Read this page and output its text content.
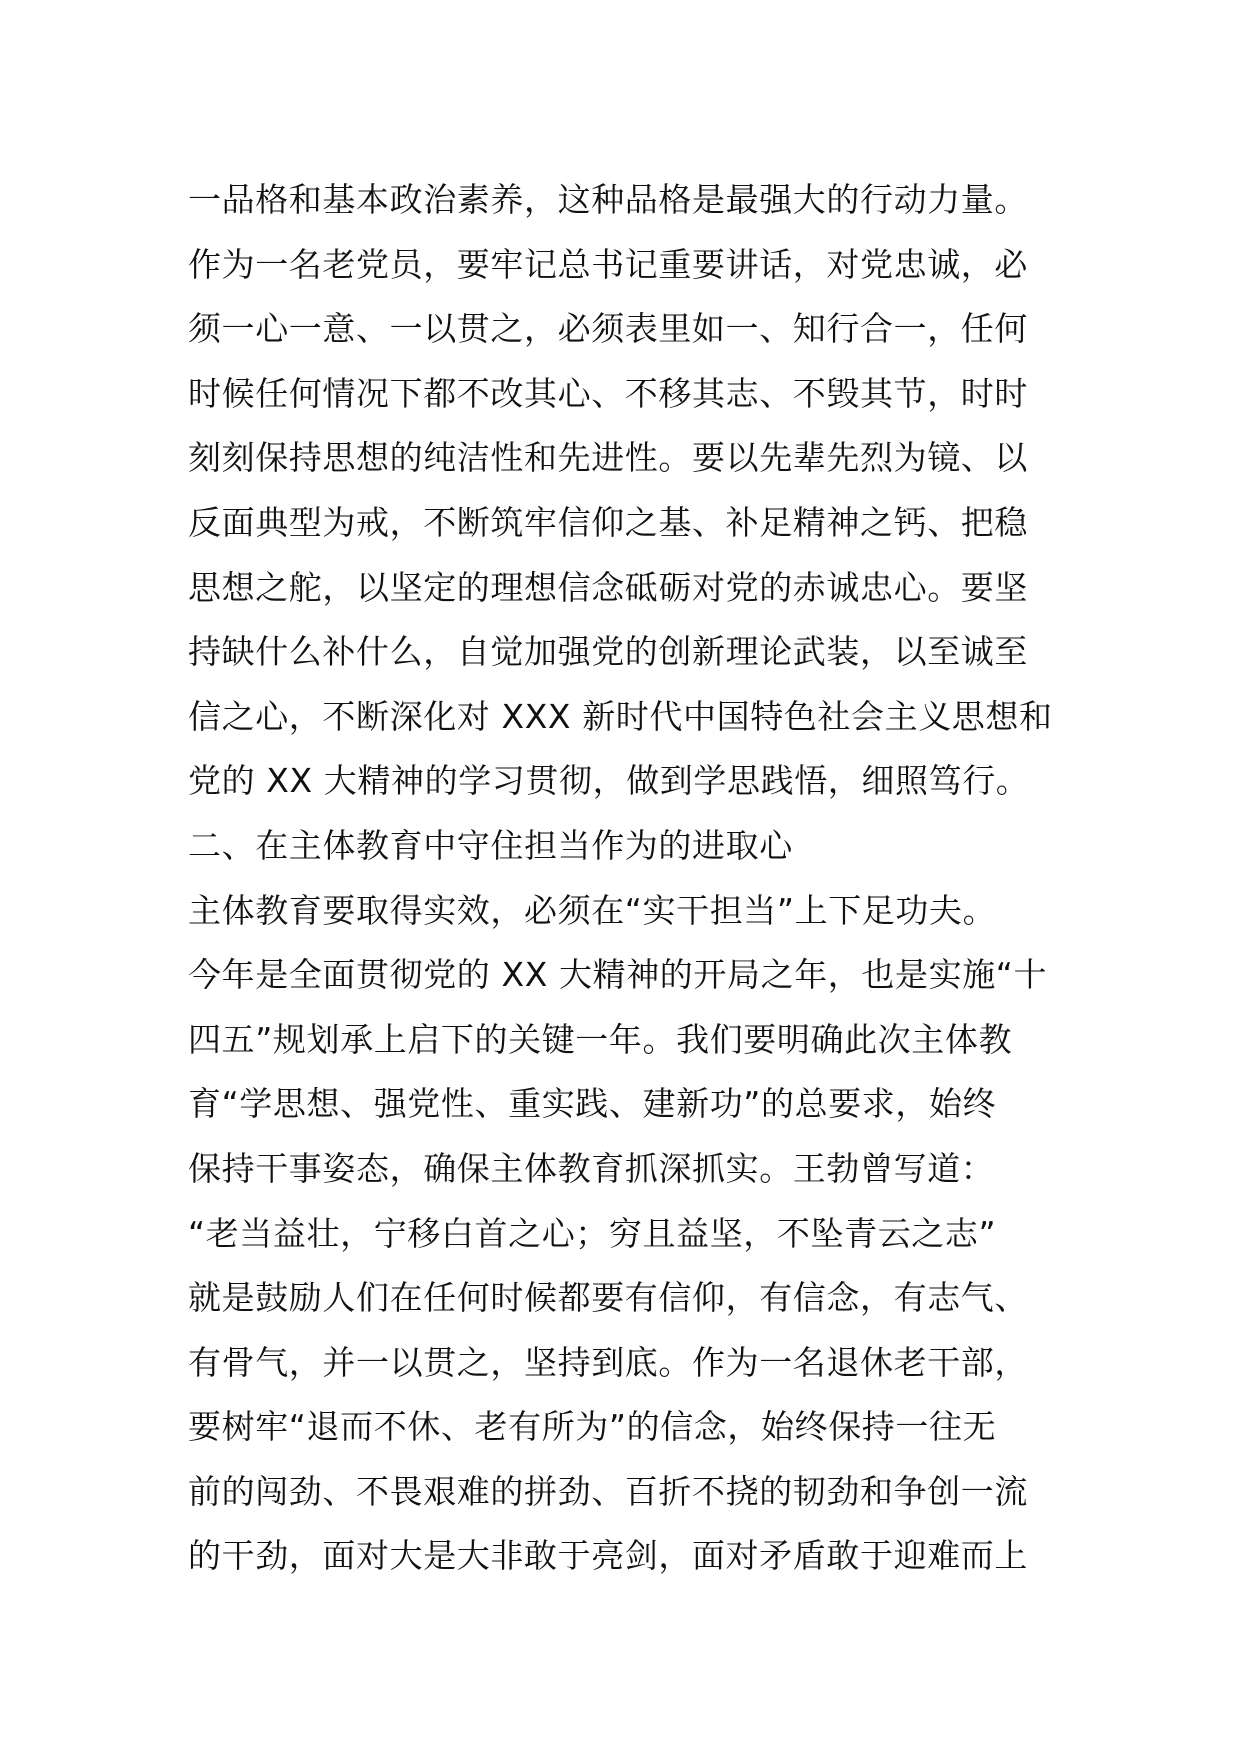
一品格和基本政治素养，这种品格是最强大的行动力量。
作为一名老党员，要牢记总书记重要讲话，对党忠诚，必
须一心一意、一以贯之，必须表里如一、知行合一，任何
时候任何情况下都不改其心、不移其志、不毁其节，时时
刻刻保持思想的纯洁性和先进性。要以先辈先烈为镜、以
反面典型为戒，不断筑牢信仰之基、补足精神之钙、把稳
思想之舵，以坚定的理想信念砥砺对党的赤诚忠心。要坚
持缺什么补什么，自觉加强党的创新理论武装，以至诚至
信之心，不断深化对 XXX 新时代中国特色社会主义思想和
党的 XX 大精神的学习贯彻，做到学思践悟，细照笃行。
二、在主体教育中守住担当作为的进取心
主体教育要取得实效，必须在“实干担当”上下足功夫。
今年是全面贯彻党的 XX 大精神的开局之年，也是实施“十
四五”规划承上启下的关键一年。我们要明确此次主体教
育“学思想、强党性、重实践、建新功”的总要求，始终
保持干事姿态，确保主体教育抓深抓实。王勃曾写道：
“老当益壮，宁移白首之心；穷且益坚，不坠青云之志”
就是鼓励人们在任何时候都要有信仰，有信念，有志气、
有骨气，并一以贯之，坚持到底。作为一名退休老干部，
要树牢“退而不休、老有所为”的信念，始终保持一往无
前的闯劲、不畏艰难的拼劲、百折不挠的韧劲和争创一流
的干劲，面对大是大非敢于亮剑，面对矛盾敢于迎难而上
